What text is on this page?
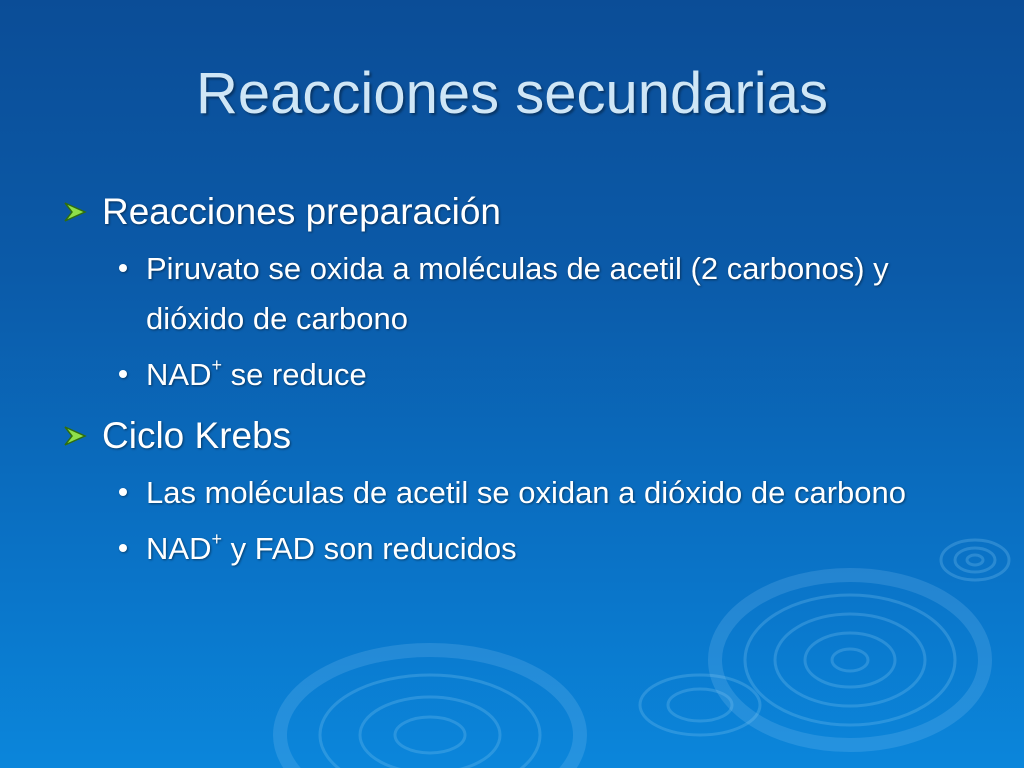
Reacciones secundarias
Reacciones preparación
Piruvato se oxida a moléculas de acetil (2 carbonos) y dióxido de carbono
NAD+ se reduce
Ciclo Krebs
Las moléculas de acetil se oxidan a dióxido de carbono
NAD+ y FAD son reducidos
